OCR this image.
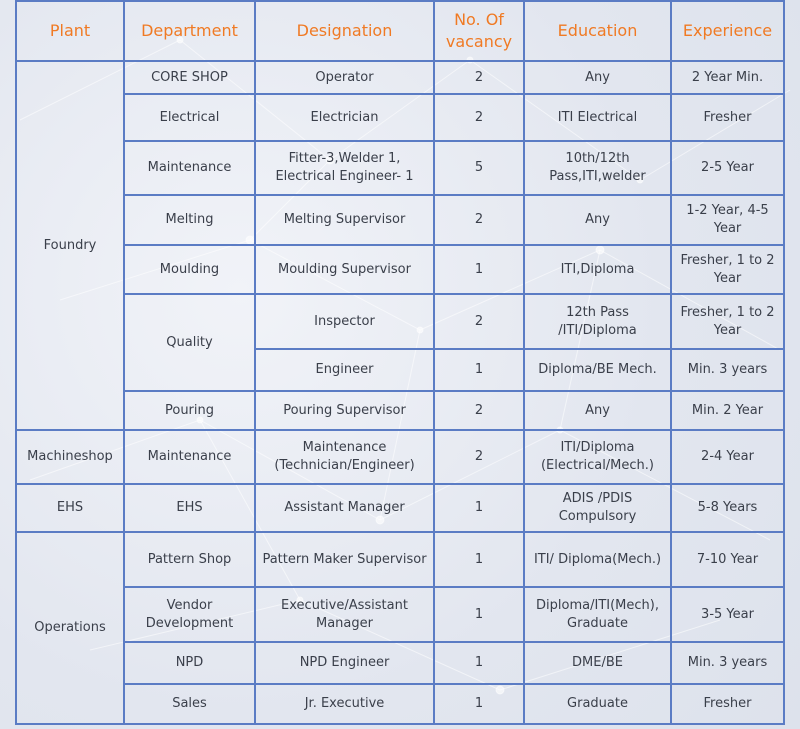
Plant	Department	Designation	No. Of vacancy	Education	Experience
Foundry	CORE SHOP	Operator	2	Any	2 Year Min.
	Electrical	Electrician	2	ITI Electrical	Fresher
	Maintenance	Fitter-3,Welder 1, Electrical Engineer- 1	5	10th/12th Pass,ITI,welder	2-5 Year
	Melting	Melting Supervisor	2	Any	1-2 Year, 4-5 Year
	Moulding	Moulding Supervisor	1	ITI,Diploma	Fresher, 1 to 2 Year
	Quality	Inspector	2	12th Pass /ITI/Diploma	Fresher, 1 to 2 Year
		Engineer	1	Diploma/BE Mech.	Min. 3 years
	Pouring	Pouring Supervisor	2	Any	Min. 2 Year
Machineshop	Maintenance	Maintenance (Technician/Engineer)	2	ITI/Diploma (Electrical/Mech.)	2-4 Year
EHS	EHS	Assistant Manager	1	ADIS /PDIS Compulsory	5-8 Years
Operations	Pattern Shop	Pattern Maker Supervisor	1	ITI/ Diploma(Mech.)	7-10 Year
	Vendor Development	Executive/Assistant Manager	1	Diploma/ITI(Mech), Graduate	3-5 Year
	NPD	NPD Engineer	1	DME/BE	Min. 3 years
	Sales	Jr. Executive	1	Graduate	Fresher
